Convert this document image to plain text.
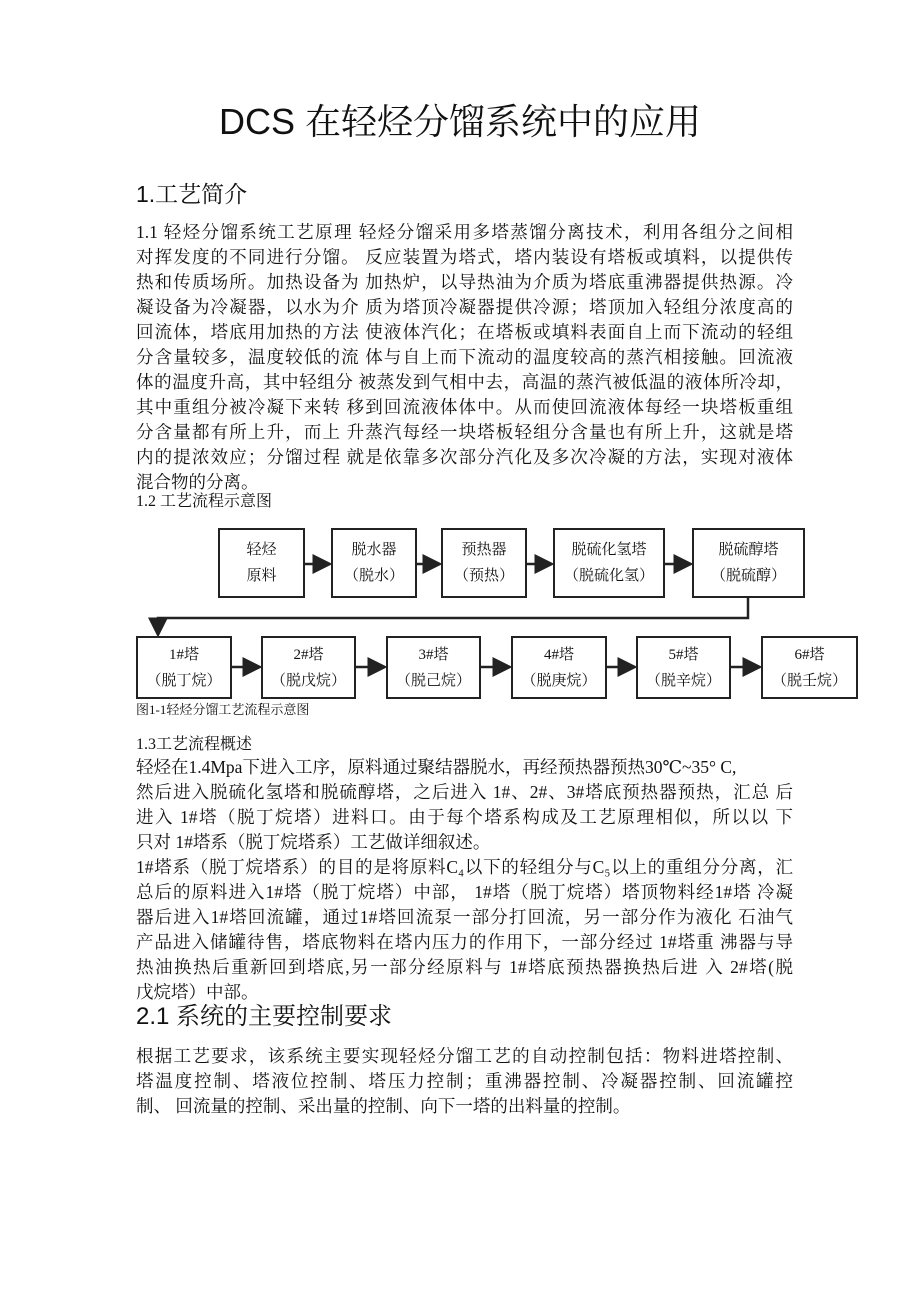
DCS 在轻烃分馏系统中的应用
1.工艺简介
1.1 轻烃分馏系统工艺原理 轻烃分馏采用多塔蒸馏分离技术，利用各组分之间相
对挥发度的不同进行分馏。 反应装置为塔式，塔内装设有塔板或填料，以提供传
热和传质场所。加热设备为 加热炉，以导热油为介质为塔底重沸器提供热源。冷
凝设备为冷凝器，以水为介 质为塔顶冷凝器提供冷源；塔顶加入轻组分浓度高的
回流体，塔底用加热的方法 使液体汽化；在塔板或填料表面自上而下流动的轻组
分含量较多，温度较低的流 体与自上而下流动的温度较高的蒸汽相接触。回流液
体的温度升高，其中轻组分 被蒸发到气相中去，高温的蒸汽被低温的液体所冷却，
其中重组分被冷凝下来转 移到回流液体体中。从而使回流液体每经一块塔板重组
分含量都有所上升，而上 升蒸汽每经一块塔板轻组分含量也有所上升，这就是塔
内的提浓效应；分馏过程 就是依靠多次部分汽化及多次冷凝的方法，实现对液体
混合物的分离。
1.2 工艺流程示意图
轻烃
原料
脱水器
（脱水）
预热器
（预热）
脱硫化氢塔
（脱硫化氢）
脱硫醇塔
（脱硫醇）
1#塔
（脱丁烷）
2#塔
（脱戊烷）
3#塔
（脱己烷）
4#塔
（脱庚烷）
5#塔
（脱辛烷）
6#塔
（脱壬烷）
图1-1轻烃分馏工艺流程示意图
1.3工艺流程概述
轻烃在1.4Mpa下进入工序，原料通过聚结器脱水，再经预热器预热30℃~35° C,
然后进入脱硫化氢塔和脱硫醇塔，之后进入 1#、2#、3#塔底预热器预热，汇总 后
进入 1#塔（脱丁烷塔）进料口。由于每个塔系构成及工艺原理相似，所以以 下
只对 1#塔系（脱丁烷塔系）工艺做详细叙述。
1#塔系（脱丁烷塔系）的目的是将原料C₄以下的轻组分与C₅以上的重组分分离，汇
总后的原料进入1#塔（脱丁烷塔）中部， 1#塔（脱丁烷塔）塔顶物料经1#塔 冷凝
器后进入1#塔回流罐，通过1#塔回流泵一部分打回流，另一部分作为液化 石油气
产品进入储罐待售，塔底物料在塔内压力的作用下，一部分经过 1#塔重 沸器与导
热油换热后重新回到塔底,另一部分经原料与 1#塔底预热器换热后进 入 2#塔(脱
戊烷塔）中部。
2.1 系统的主要控制要求
根据工艺要求，该系统主要实现轻烃分馏工艺的自动控制包括：物料进塔控制、
塔温度控制、塔液位控制、塔压力控制；重沸器控制、冷凝器控制、回流罐控
制、 回流量的控制、采出量的控制、向下一塔的出料量的控制。
